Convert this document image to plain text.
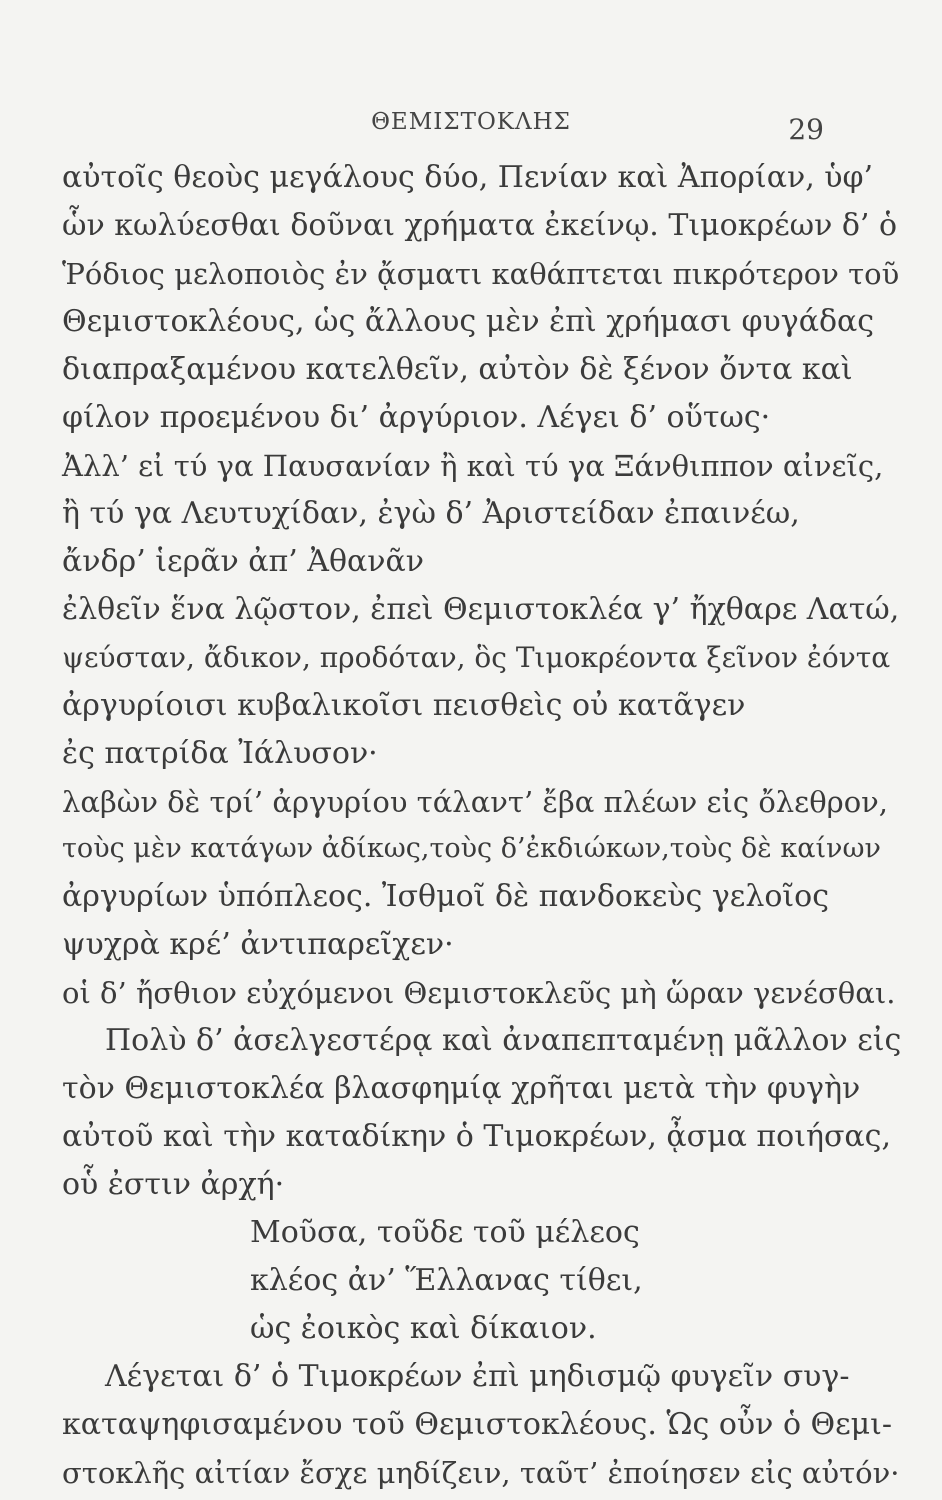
ΘΕΜΙΣΤΟΚΛΗΣ	29
αὐτοῖς θεοὺς μεγάλους δύο, Πενίαν καὶ Ἀπορίαν, ὑφ’
ὧν κωλύεσθαι δοῦναι χρήματα ἐκείνῳ. Τιμοκρέων δ’ ὁ
Ῥόδιος μελοποιὸς ἐν ᾄσματι καθάπτεται πικρότερον τοῦ
Θεμιστοκλέους, ὡς ἄλλους μὲν ἐπὶ χρήμασι φυγάδας
διαπραξαμένου κατελθεῖν, αὐτὸν δὲ ξένον ὄντα καὶ
φίλον προεμένου δι’ ἀργύριον. Λέγει δ’ οὕτως·
Ἀλλ’ εἰ τύ γα Παυσανίαν ἢ καὶ τύ γα Ξάνθιππον αἰνεῖς,
ἢ τύ γα Λευτυχίδαν, ἐγὼ δ’ Ἀριστείδαν ἐπαινέω,
ἄνδρ’ ἱερᾶν ἀπ’ Ἀθανᾶν
ἐλθεῖν ἕνα λῷστον, ἐπεὶ Θεμιστοκλέα γ’ ἤχθαρε Λατώ,
ψεύσταν, ἄδικον, προδόταν, ὃς Τιμοκρέοντα ξεῖνον ἐόντα
ἀργυρίοισι κυβαλικοῖσι πεισθεὶς οὐ κατᾶγεν
ἐς πατρίδα Ἰάλυσον·
λαβὼν δὲ τρί’ ἀργυρίου τάλαντ’ ἔβα πλέων εἰς ὄλεθρον,
τοὺς μὲν κατάγων ἀδίκως,τοὺς δ’ἐκδιώκων,τοὺς δὲ καίνων
ἀργυρίων ὑπόπλεος. Ἰσθμοῖ δὲ πανδοκεὺς γελοῖος
ψυχρὰ κρέ’ ἀντιπαρεῖχεν·
οἱ δ’ ἤσθιον εὐχόμενοι Θεμιστοκλεῦς μὴ ὥραν γενέσθαι.
Πολὺ δ’ ἀσελγεστέρᾳ καὶ ἀναπεπταμένῃ μᾶλλον εἰς
τὸν Θεμιστοκλέα βλασφημίᾳ χρῆται μετὰ τὴν φυγὴν
αὐτοῦ καὶ τὴν καταδίκην ὁ Τιμοκρέων, ᾆσμα ποιήσας,
οὗ ἐστιν ἀρχή·
Μοῦσα, τοῦδε τοῦ μέλεος
κλέος ἀν’ Ἕλλανας τίθει,
ὡς ἐοικὸς καὶ δίκαιον.
Λέγεται δ’ ὁ Τιμοκρέων ἐπὶ μηδισμῷ φυγεῖν συγ-
καταψηφισαμένου τοῦ Θεμιστοκλέους. Ὡς οὖν ὁ Θεμι-
στοκλῆς αἰτίαν ἔσχε μηδίζειν, ταῦτ’ ἐποίησεν εἰς αὐτόν·
